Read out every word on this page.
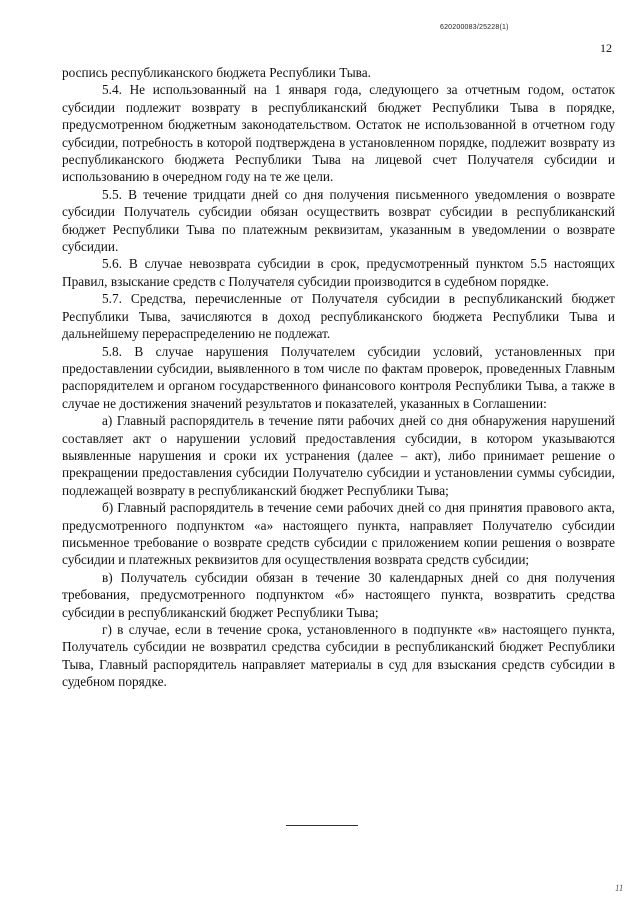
620200083/25228(1)
12

роспись республиканского бюджета Республики Тыва.

5.4. Не использованный на 1 января года, следующего за отчетным годом, остаток субсидии подлежит возврату в республиканский бюджет Республики Тыва в порядке, предусмотренном бюджетным законодательством. Остаток не использованной в отчетном году субсидии, потребность в которой подтверждена в установленном порядке, подлежит возврату из республиканского бюджета Республики Тыва на лицевой счет Получателя субсидии и использованию в очередном году на те же цели.

5.5. В течение тридцати дней со дня получения письменного уведомления о возврате субсидии Получатель субсидии обязан осуществить возврат субсидии в республиканский бюджет Республики Тыва по платежным реквизитам, указанным в уведомлении о возврате субсидии.

5.6. В случае невозврата субсидии в срок, предусмотренный пунктом 5.5 настоящих Правил, взыскание средств с Получателя субсидии производится в судебном порядке.

5.7. Средства, перечисленные от Получателя субсидии в республиканский бюджет Республики Тыва, зачисляются в доход республиканского бюджета Республики Тыва и дальнейшему перераспределению не подлежат.

5.8. В случае нарушения Получателем субсидии условий, установленных при предоставлении субсидии, выявленного в том числе по фактам проверок, проведенных Главным распорядителем и органом государственного финансового контроля Республики Тыва, а также в случае не достижения значений результатов и показателей, указанных в Соглашении:

а) Главный распорядитель в течение пяти рабочих дней со дня обнаружения нарушений составляет акт о нарушении условий предоставления субсидии, в котором указываются выявленные нарушения и сроки их устранения (далее – акт), либо принимает решение о прекращении предоставления субсидии Получателю субсидии и установлении суммы субсидии, подлежащей возврату в республиканский бюджет Республики Тыва;

б) Главный распорядитель в течение семи рабочих дней со дня принятия правового акта, предусмотренного подпунктом «а» настоящего пункта, направляет Получателю субсидии письменное требование о возврате средств субсидии с приложением копии решения о возврате субсидии и платежных реквизитов для осуществления возврата средств субсидии;

в) Получатель субсидии обязан в течение 30 календарных дней со дня получения требования, предусмотренного подпунктом «б» настоящего пункта, возвратить средства субсидии в республиканский бюджет Республики Тыва;

г) в случае, если в течение срока, установленного в подпункте «в» настоящего пункта, Получатель субсидии не возвратил средства субсидии в республиканский бюджет Республики Тыва, Главный распорядитель направляет материалы в суд для взыскания средств субсидии в судебном порядке.

11
